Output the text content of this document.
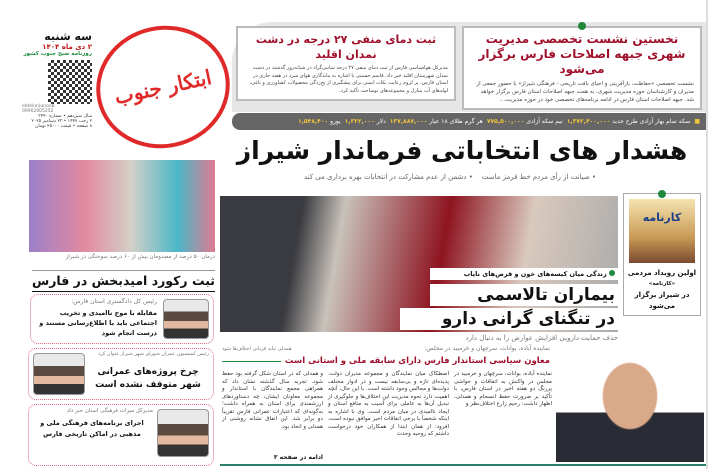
سه شنبه
۲ دی ماه ۱۴۰۴
روزنامه صبح جنوب کشور
ebtekarjonoob
09902005252
سال سیزدهم • شماره ۳۴۴۰
۲ رجب ۱۴۴۷ • ۲۳ دسامبر ۲۰۲۵
۸ صفحه • قیمت ۲۵۰۰۰ تومان
ابتکار جنوب
نخستین نشست تخصصی مدیریت شهری جبهه اصلاحات فارس برگزار می‌شود

نشست تخصصی «حفاظت، بازآفرینی و احیای بافت تاریخی - فرهنگی شیراز» با حضور جمعی از مدیران و کارشناسان حوزه مدیریت شهری، به همت جبهه اصلاحات استان فارس برگزار خواهد شد. جبهه اصلاحات استان فارس در ادامه برنامه‌های تخصصی خود در حوزه مدیریت...

ثبت دمای منفی ۲۷ درجه در دشت نمدان اقلید

مدیرکل هواشناسی فارس از ثبت دمای منفی ۲۷ درجه سانتی‌گراد در شبانه‌روز گذشته در دشت نمدان شهرستان اقلید خبر داد. قاسم حسینی با اشاره به ماندگاری هوای سرد در هفته جاری در استان فارس، بر لزوم رعایت نکات ایمنی برای پیشگیری از یخ‌زدگی محصولات کشاورزی و باغی، لوله‌های آب منازل و مجموعه‌های نوساخت تأکید کرد.

■
سکه تمام بهار آزادی طرح جدید ۱,۳۷۲,۴۰۰,۰۰۰
نیم سکه آزادی ۷۷۵,۵۰۰,۰۰۰
هر گرم طلای ۱۸ عیار ۱۳۷,۸۸۷,۰۰۰
دلار ۱,۳۲۲,۰۰۰
یورو ۱,۵۴۸,۴۰۰
هشدار های انتخاباتی فرماندار شیراز
• صیانت از رأی مردم خط قرمز ماست    • دشمن از عدم مشارکت در انتخابات بهره برداری می کند
زندگی میان کیسه‌های خون و قرص‌های نایاب
بیماران تالاسمی
در تنگنای گرانی دارو
حذف حمایت دارویی افزایش عوارض را به دنبال دارد
کارنامه
اولین رویداد مردمی
«کارنامه»
در شیراز برگزار می‌شود
درمان ۵۰ درصد از مصدومان بیش از ۶۰ درصد سوختگی در شیراز
ثبت رکورد امیدبخش در فارس
رئیس کل دادگستری استان فارس:
مقابله با موج ناامیدی و تخریب اجتماعی باید با اطلاع‌رسانی مستند و درست انجام شود
رئیس کمیسیون عمران شورای شهر شیراز عنوان کرد
چرخ پروژه‌های عمرانی شهر متوقف نشده است
مدیرکل میراث فرهنگی استان خبر داد
اجرای برنامه‌های فرهنگی ملی و مذهبی در اماکن تاریخی فارس
نماینده آباده، بوانات، سرچهان و خرمبید در مجلس:
همدلی نباید قربانی اختلاف‌ها شود
معاون سیاسی استاندار فارس دارای سابقه ملی و استانی است
نماینده آباده، بوانات، سرچهان و خرمبید در مجلس در واکنش به اتفاقات و حواشی پررنگ دو هفته اخیر در استان فارس، با تأکید بر ضرورت حفظ انسجام و همدلی، اظهار داشت: رحیم زارع اختلاف‌نظر و
اصطکاک میان نمایندگان و مجموعه مدیران دولت، پدیده‌ای تازه و بی‌سابقه نیست و در ادوار مختلف دولت‌ها و مجالس وجود داشته است. با این حال، آنچه اهمیت دارد نحوه مدیریت این اختلاف‌ها و جلوگیری از تبدیل آن‌ها به عاملی برای آسیب به منافع استان و ایجاد ناامیدی در میان مردم است. وی با اشاره به اینکه شخصاً با برخی اتفاقات اخیر موافق نبوده است، افزود: از همان ابتدا از همکاران خود درخواست داشتم که روحیه وحدت
و همدلی که در استان شکل گرفته بود حفظ شود. تجربه سال گذشته نشان داد که همراهی مجمع نمایندگان با استاندار و مجموعه معاونان ایشان، چه دستاوردهای ارزشمندی برای استان به همراه داشت؛ به‌گونه‌ای که اعتبارات عمرانی فارس تقریباً دو برابر شد. این اتفاق نشانه روشنی از همدلی و اتحاد بود.
ادامه در صفحه ۳
